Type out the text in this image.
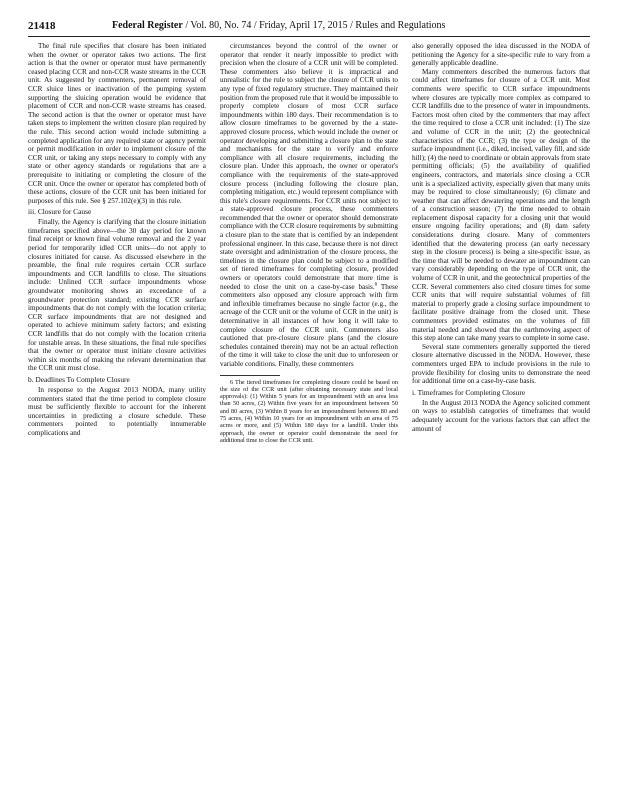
21418	Federal Register / Vol. 80, No. 74 / Friday, April 17, 2015 / Rules and Regulations

The final rule specifies that closure has been initiated when the owner or operator takes two actions. The first action is that the owner or operator must have permanently ceased placing CCR and non-CCR waste streams in the CCR unit. As suggested by commenters, permanent removal of CCR sluice lines or inactivation of the pumping system supporting the sluicing operation would be evidence that placement of CCR and non-CCR waste streams has ceased. The second action is that the owner or operator must have taken steps to implement the written closure plan required by the rule. This second action would include submitting a completed application for any required state or agency permit or permit modification in order to implement closure of the CCR unit, or taking any steps necessary to comply with any state or other agency standards or regulations that are a prerequisite to initiating or completing the closure of the CCR unit. Once the owner or operator has completed both of these actions, closure of the CCR unit has been initiated for purposes of this rule. See § 257.102(e)(3) in this rule.

iii. Closure for Cause

Finally, the Agency is clarifying that the closure initiation timeframes specified above—the 30 day period for known final receipt or known final volume removal and the 2 year period for temporarily idled CCR units—do not apply to closures initiated for cause. As discussed elsewhere in the preamble, the final rule requires certain CCR surface impoundments and CCR landfills to close. The situations include: Unlined CCR surface impoundments whose groundwater monitoring shows an exceedance of a groundwater protection standard; existing CCR surface impoundments that do not comply with the location criteria; CCR surface impoundments that are not designed and operated to achieve minimum safety factors; and existing CCR landfills that do not comply with the location criteria for unstable areas. In these situations, the final rule specifies that the owner or operator must initiate closure activities within six months of making the relevant determination that the CCR unit must close.

b. Deadlines To Complete Closure

In response to the August 2013 NODA, many utility commenters stated that the time period to complete closure must be sufficiently flexible to account for the inherent uncertainties in predicting a closure schedule. These commenters pointed to potentially innumerable complications and

circumstances beyond the control of the owner or operator that render it nearly impossible to predict with precision when the closure of a CCR unit will be completed. These commenters also believe it is impractical and unrealistic for the rule to subject the closure of CCR units to any type of fixed regulatory structure. They maintained their position from the proposed rule that it would be impossible to properly complete closure of most CCR surface impoundments within 180 days. Their recommendation is to allow closure timeframes to be governed by the a state-approved closure process, which would include the owner or operator developing and submitting a closure plan to the state and mechanisms for the state to verify and enforce compliance with all closure requirements, including the closure plan. Under this approach, the owner or operator's compliance with the requirements of the state-approved closure process (including following the closure plan, completing mitigation, etc.) would represent compliance with this rule's closure requirements. For CCR units not subject to a state-approved closure process, these commenters recommended that the owner or operator should demonstrate compliance with the CCR closure requirements by submitting a closure plan to the state that is certified by an independent professional engineer. In this case, because there is not direct state oversight and administration of the closure process, the timelines in the closure plan could be subject to a modified set of tiered timeframes for completing closure, provided owners or operators could demonstrate that more time is needed to close the unit on a case-by-case basis.$^6$ These commenters also opposed any closure approach with firm and inflexible timeframes because no single factor (e.g., the acreage of the CCR unit or the volume of CCR in the unit) is determinative in all instances of how long it will take to complete closure of the CCR unit. Commenters also cautioned that pre-closure closure plans (and the closure schedules contained therein) may not be an actual reflection of the time it will take to close the unit due to unforeseen or variable conditions. Finally, these commenters

6 The tiered timeframes for completing closure could be based on the size of the CCR unit (after obtaining necessary state and local approvals): (1) Within 5 years for an impoundment with an area less than 50 acres, (2) Within five years for an impoundment between 50 and 80 acres, (3) Within 8 years for an impoundment between 80 and 75 acres, (4) Within 10 years for an impoundment with an area of 75 acres or more, and (5) Within 180 days for a landfill. Under this approach, the owner or operator could demonstrate the need for additional time to close the CCR unit.

also generally opposed the idea discussed in the NODA of petitioning the Agency for a site-specific rule to vary from a generally applicable deadline.

Many commenters described the numerous factors that could affect timeframes for closure of a CCR unit. Most comments were specific to CCR surface impoundments where closures are typically more complex as compared to CCR landfills due to the presence of water in impoundments. Factors most often cited by the commenters that may affect the time required to close a CCR unit included: (1) The size and volume of CCR in the unit; (2) the geotechnical characteristics of the CCR; (3) the type or design of the surface impoundment (i.e., diked, incised, valley fill, and side hill); (4) the need to coordinate or obtain approvals from state permitting officials; (5) the availability of qualified engineers, contractors, and materials since closing a CCR unit is a specialized activity, especially given that many units may be required to close simultaneously; (6) climate and weather that can affect dewatering operations and the length of a construction season; (7) the time needed to obtain replacement disposal capacity for a closing unit that would ensure ongoing facility operations; and (8) dam safety considerations during closure. Many of commenters identified that the dewatering process (an early necessary step in the closure process) is being a site-specific issue, as the time that will be needed to dewater an impoundment can vary considerably depending on the type of CCR unit, the volume of CCR in unit, and the geotechnical properties of the CCR. Several commenters also cited closure times for some CCR units that will require substantial volumes of fill material to properly grade a closing surface impoundment to facilitate positive drainage from the closed unit. These commenters provided estimates on the volumes of fill material needed and showed that the earthmoving aspect of this step alone can take many years to complete in some case.

Several state commenters generally supported the tiered closure alternative discussed in the NODA. However, these commenters urged EPA to include provisions in the rule to provide flexibility for closing units to demonstrate the need for additional time on a case-by-case basis.

i. Timeframes for Completing Closure

In the August 2013 NODA the Agency solicited comment on ways to establish categories of timeframes that would adequately account for the various factors that can affect the amount of
